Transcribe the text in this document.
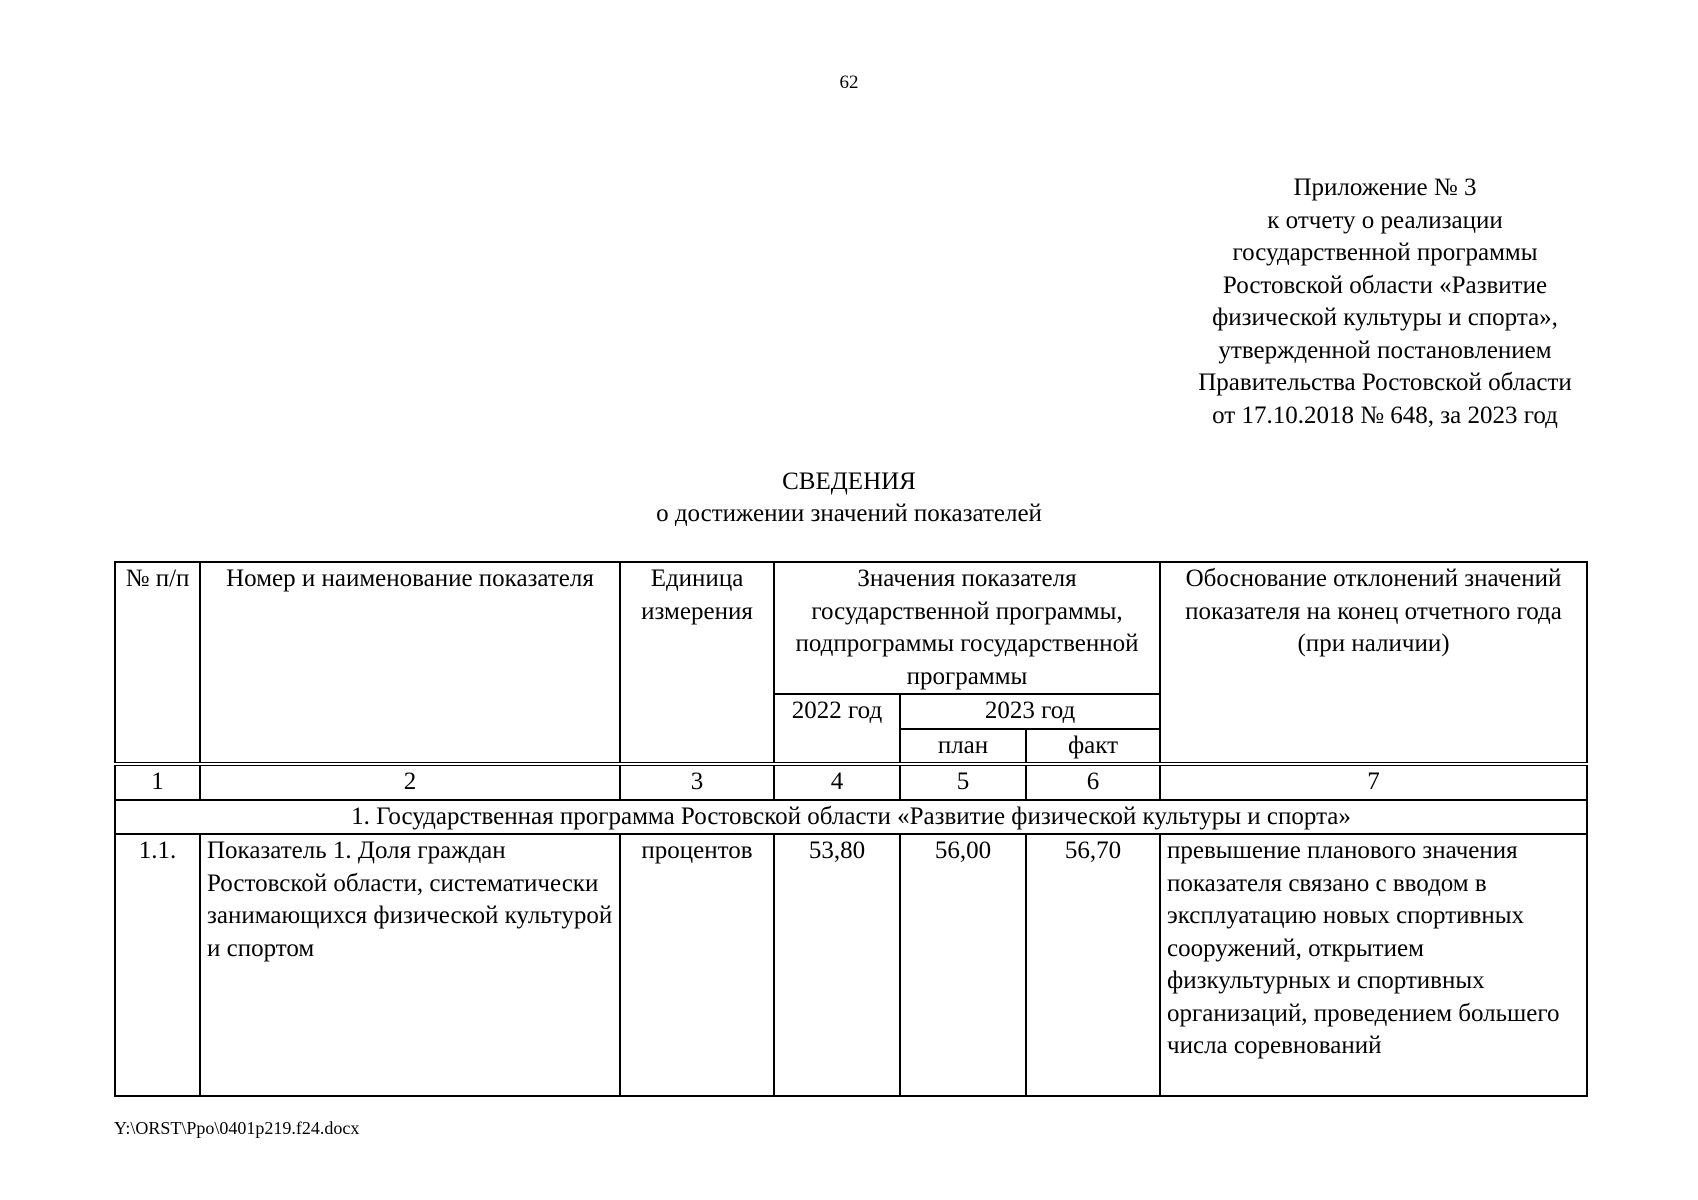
62
Приложение № 3
к отчету о реализации
государственной программы
Ростовской области «Развитие
физической культуры и спорта»,
утвержденной постановлением
Правительства Ростовской области
от 17.10.2018 № 648, за 2023 год
СВЕДЕНИЯ
о достижении значений показателей
№ п/п	Номер и наименование показателя	Единица измерения	Значения показателя государственной программы, подпрограммы государственной программы			Обоснование отклонений значений показателя на конец отчетного года (при наличии)
			2022 год	2023 год		
				план	факт	
1	2	3	4	5	6	7
1. Государственная программа Ростовской области «Развитие физической культуры и спорта»						
1.1.	Показатель 1. Доля граждан Ростовской области, систематически занимающихся физической культурой и спортом	процентов	53,80	56,00	56,70	превышение планового значения показателя связано с вводом в эксплуатацию новых спортивных сооружений, открытием физкультурных и спортивных организаций, проведением большего числа соревнований
Y:\ORST\Ppo\0401p219.f24.docx
